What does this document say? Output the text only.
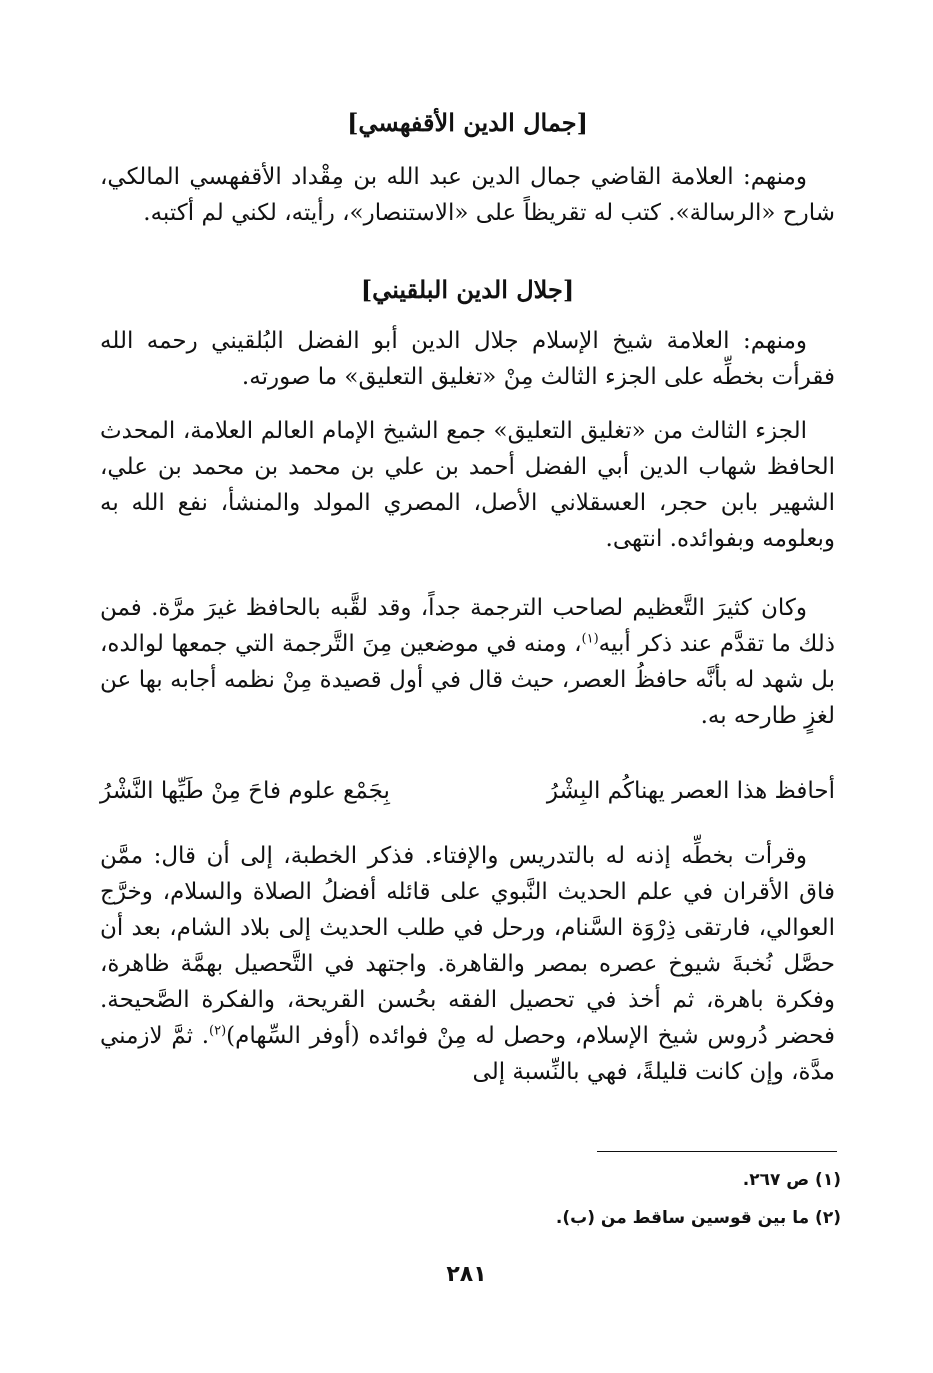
[جمال الدين الأقفهسي]

ومنهم: العلامة القاضي جمال الدين عبد الله بن مِقْداد الأقفهسي المالكي، شارح «الرسالة». كتب له تقريظاً على «الاستنصار»، رأيته، لكني لم أكتبه.

[جلال الدين البلقيني]

ومنهم: العلامة شيخ الإسلام جلال الدين أبو الفضل البُلقيني رحمه الله فقرأت بخطِّه على الجزء الثالث مِنْ «تغليق التعليق» ما صورته.

الجزء الثالث من «تغليق التعليق» جمع الشيخ الإمام العالم العلامة، المحدث الحافظ شهاب الدين أبي الفضل أحمد بن علي بن محمد بن محمد بن علي، الشهير بابن حجر، العسقلاني الأصل، المصري المولد والمنشأ، نفع الله به وبعلومه وبفوائده. انتهى.

وكان كثيرَ التَّعظيم لصاحب الترجمة جداً، وقد لقَّبه بالحافظ غيرَ مرَّة. فمن ذلك ما تقدَّم عند ذكر أبيه$^{(١)}$، ومنه في موضعين مِنَ التَّرجمة التي جمعها لوالده، بل شهد له بأنَّه حافظُ العصر، حيث قال في أول قصيدة مِنْ نظمه أجابه بها عن لغزٍ طارحه به.

أحافظ هذا العصر يهناكُم البِشْرُ
بِجَمْع علوم فاحَ مِنْ طَيِّها النَّشْرُ

وقرأت بخطِّه إذنه له بالتدريس والإفتاء. فذكر الخطبة، إلى أن قال: ممَّن فاق الأقران في علم الحديث النَّبوي على قائله أفضلُ الصلاة والسلام، وخرَّج العوالي، فارتقى ذِرْوَة السَّنام، ورحل في طلب الحديث إلى بلاد الشام، بعد أن حصَّل نُخبةَ شيوخ عصره بمصر والقاهرة. واجتهد في التَّحصيل بهمَّة ظاهرة، وفكرة باهرة، ثم أخذ في تحصيل الفقه بحُسن القريحة، والفكرة الصَّحيحة. فحضر دُروس شيخ الإسلام، وحصل له مِنْ فوائده (أوفر السِّهام)$^{(٢)}$. ثمَّ لازمني مدَّة، وإن كانت قليلةً، فهي بالنِّسبة إلى

(١) ص ٢٦٧.
(٢) ما بين قوسين ساقط من (ب).
٢٨١
